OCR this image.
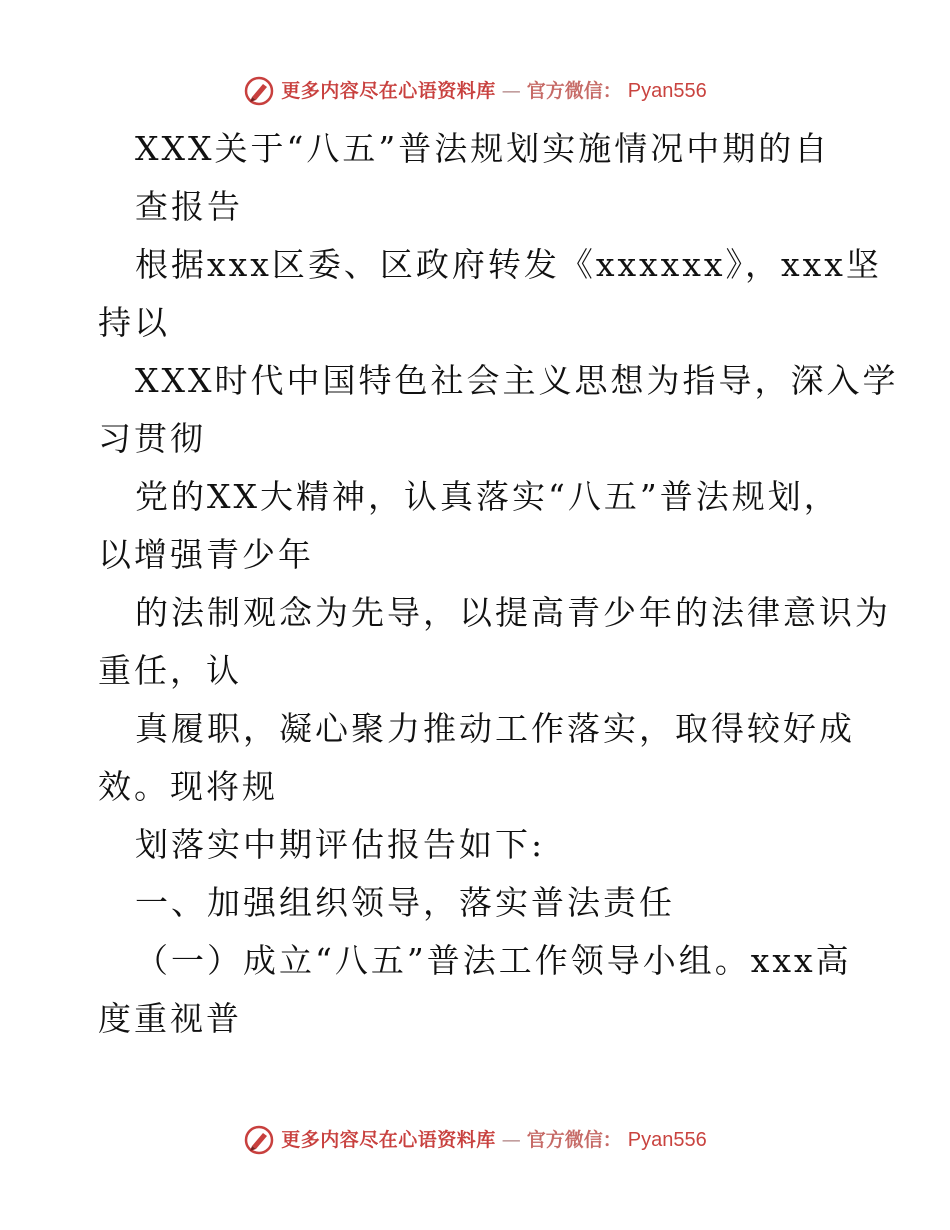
更多内容尽在心语资料库 — 官方微信： Pyan556
XXX关于“八五”普法规划实施情况中期的自
查报告
根据xxx区委、区政府转发《xxxxxx》，xxx坚
持以
XXX时代中国特色社会主义思想为指导，深入学
习贯彻
党的XX大精神，认真落实“八五”普法规划，
以增强青少年
的法制观念为先导，以提高青少年的法律意识为
重任，认
真履职，凝心聚力推动工作落实，取得较好成
效。现将规
划落实中期评估报告如下:
一、加强组织领导，落实普法责任
（一）成立“八五”普法工作领导小组。xxx高
度重视普
更多内容尽在心语资料库 — 官方微信： Pyan556
